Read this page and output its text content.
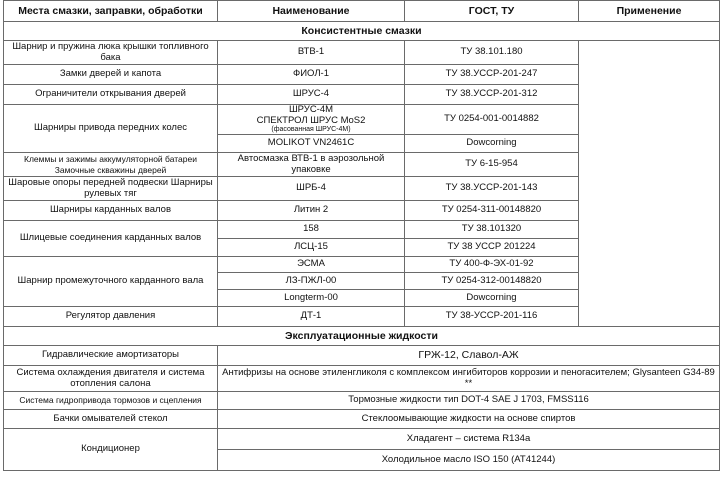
Места смазки, заправки, обработки	Наименование	ГОСТ, ТУ	Применение
Консистентные смазки			
Шарнир и пружина люка крышки топливного бака	ВТВ-1	ТУ 38.101.180	
Замки дверей и капота	ФИОЛ-1	ТУ 38.УССР-201-247	
Ограничители открывания дверей	ШРУС-4	ТУ 38.УССР-201-312	
Шарниры привода передних колес	ШРУС-4М
СПЕКТРОЛ ШРУС MoS2
(фасованная ШРУС-4М)	ТУ 0254-001-0014882	
	MOLIKOT VN2461C	Dowcorning	
Клеммы и зажимы аккумуляторной батареи Замочные скважины дверей	Автосмазка ВТВ-1 в аэрозольной упаковке	ТУ 6-15-954	
Шаровые опоры передней подвески Шарниры рулевых тяг	ШРБ-4	ТУ 38.УССР-201-143	
Шарниры карданных валов	Литин 2	ТУ 0254-311-00148820	
Шлицевые соединения карданных валов	158	ТУ 38.101320	
	ЛСЦ-15	ТУ 38 УССР 201224	
Шарнир промежуточного карданного вала	ЭСМА	ТУ 400-Ф-ЭХ-01-92	
	ЛЗ-ПЖЛ-00	ТУ 0254-312-00148820	
	Longterm-00	Dowcorning	
Регулятор давления	ДТ-1	ТУ 38-УССР-201-116	
Эксплуатационные жидкости	
Гидравлические амортизаторы	ГРЖ-12, Славол-АЖ
Система охлаждения двигателя и система отопления салона	Антифризы на основе этиленгликоля с комплексом ингибиторов коррозии и пеногасителем; Glysanteen G34-89 **
Система гидропривода тормозов и сцепления	Тормозные жидкости тип DOT-4 SAE J 1703, FMSS116
Бачки омывателей стекол	Стеклоомывающие жидкости на основе спиртов
Кондиционер	Хладагент – система R134a
	Холодильное масло ISO 150 (АТ41244)
